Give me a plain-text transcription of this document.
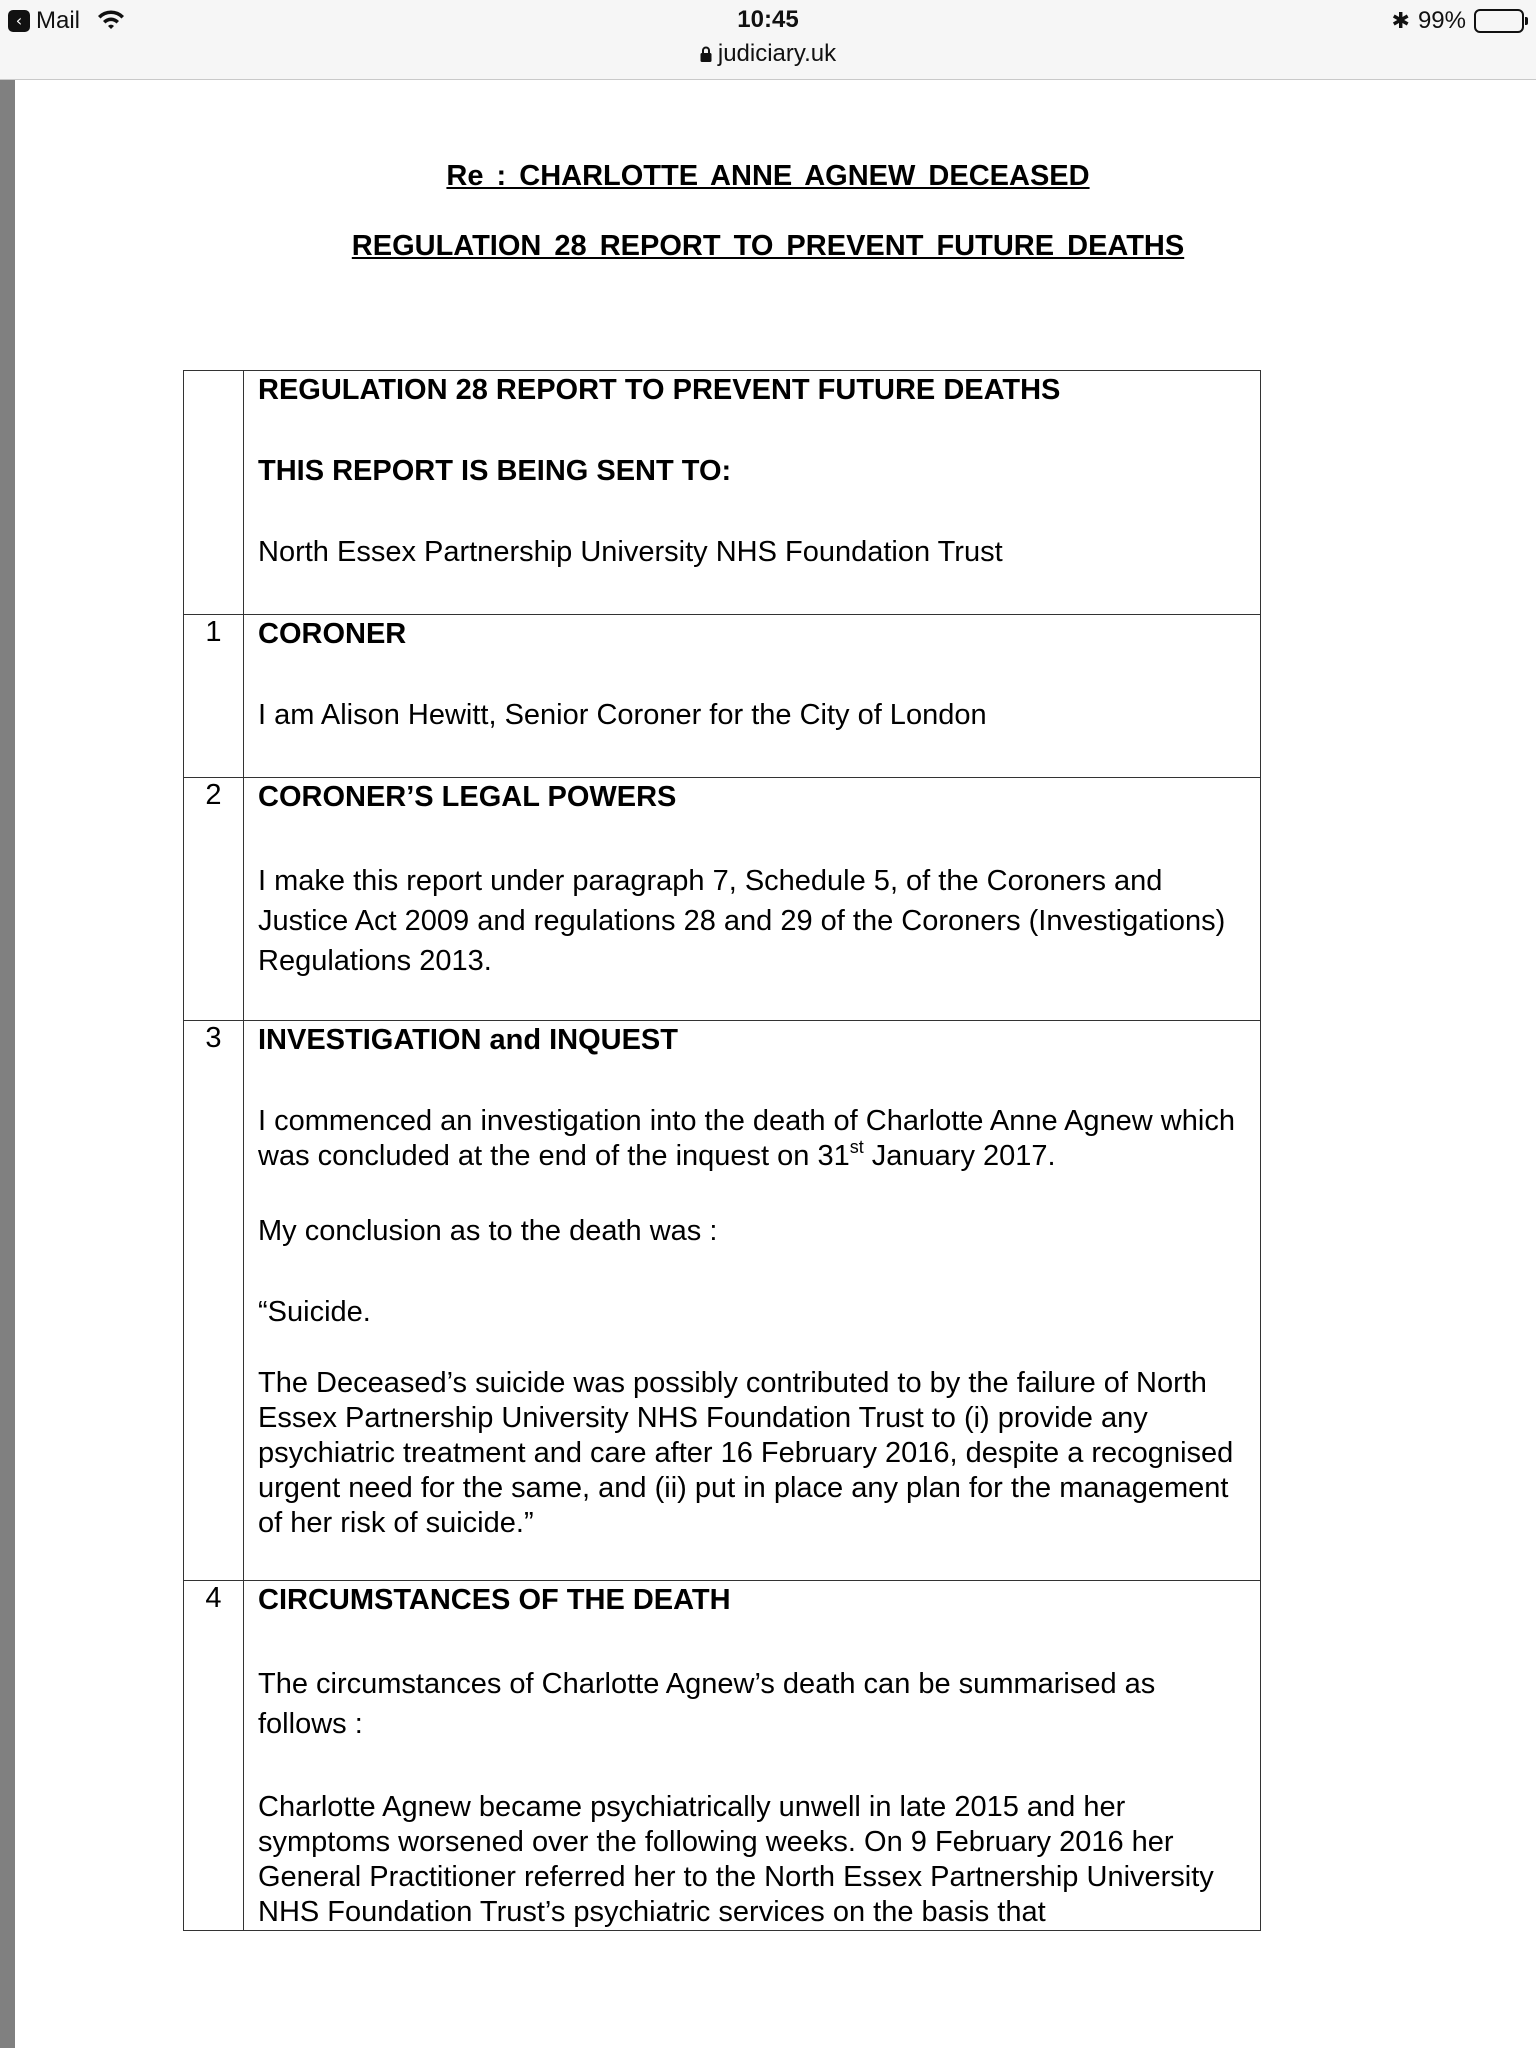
‹ Mail	10:45
judiciary.uk
✱ 99%
Re : CHARLOTTE ANNE AGNEW DECEASED
REGULATION 28 REPORT TO PREVENT FUTURE DEATHS

	REGULATION 28 REPORT TO PREVENT FUTURE DEATHS
THIS REPORT IS BEING SENT TO:
North Essex Partnership University NHS Foundation Trust

1	CORONER
I am Alison Hewitt, Senior Coroner for the City of London

2	CORONER’S LEGAL POWERS
I make this report under paragraph 7, Schedule 5, of the Coroners and Justice Act 2009 and regulations 28 and 29 of the Coroners (Investigations) Regulations 2013.

3	INVESTIGATION and INQUEST
I commenced an investigation into the death of Charlotte Anne Agnew which was concluded at the end of the inquest on 31st January 2017.
My conclusion as to the death was :
“Suicide.
The Deceased’s suicide was possibly contributed to by the failure of North Essex Partnership University NHS Foundation Trust to (i) provide any psychiatric treatment and care after 16 February 2016, despite a recognised urgent need for the same, and (ii) put in place any plan for the management of her risk of suicide.”

4	CIRCUMSTANCES OF THE DEATH
The circumstances of Charlotte Agnew’s death can be summarised as follows :
Charlotte Agnew became psychiatrically unwell in late 2015 and her symptoms worsened over the following weeks. On 9 February 2016 her General Practitioner referred her to the North Essex Partnership University NHS Foundation Trust’s psychiatric services on the basis that
